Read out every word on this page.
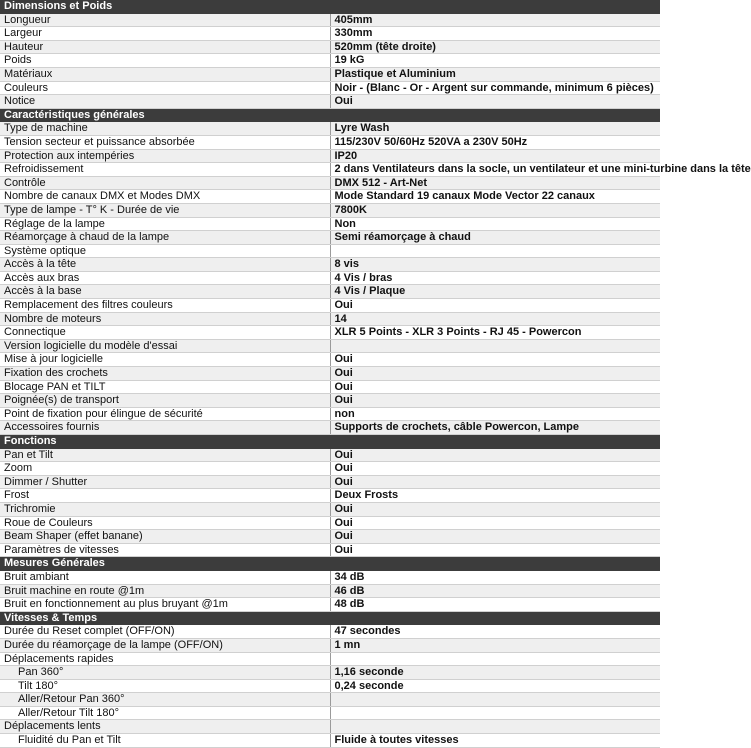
Dimensions et Poids	
Longueur	405mm
Largeur	330mm
Hauteur	520mm (tête droite)
Poids	19 kG
Matériaux	Plastique et Aluminium
Couleurs	Noir - (Blanc - Or - Argent sur commande, minimum 6 pièces)
Notice	Oui
Caractéristiques générales	
Type de machine	Lyre Wash
Tension secteur et puissance absorbée	115/230V 50/60Hz 520VA a 230V 50Hz
Protection aux intempéries	IP20
Refroidissement	2 dans Ventilateurs dans la socle, un ventilateur et une mini-turbine dans la tête
Contrôle	DMX 512 - Art-Net
Nombre de canaux DMX et Modes DMX	Mode Standard 19 canaux Mode Vector 22 canaux
Type de lampe - T° K - Durée de vie	7800K
Réglage de la lampe	Non
Réamorçage à chaud de la lampe	Semi réamorçage à chaud
Système optique	
Accès à la tête	8 vis
Accès aux bras	4 Vis / bras
Accès à la base	4 Vis / Plaque
Remplacement des filtres couleurs	Oui
Nombre de moteurs	14
Connectique	XLR 5 Points - XLR 3 Points - RJ 45 - Powercon
Version logicielle du modèle d'essai	
Mise à jour logicielle	Oui
Fixation des crochets	Oui
Blocage PAN et TILT	Oui
Poignée(s) de transport	Oui
Point de fixation pour élingue de sécurité	non
Accessoires fournis	Supports de crochets, câble Powercon, Lampe
Fonctions	
Pan et Tilt	Oui
Zoom	Oui
Dimmer / Shutter	Oui
Frost	Deux Frosts
Trichromie	Oui
Roue de Couleurs	Oui
Beam Shaper (effet banane)	Oui
Paramètres de vitesses	Oui
Mesures Générales	
Bruit ambiant	34 dB
Bruit machine en route @1m	46 dB
Bruit en fonctionnement au plus bruyant @1m	48 dB
Vitesses & Temps	
Durée du Reset complet (OFF/ON)	47 secondes
Durée du réamorçage de la lampe (OFF/ON)	1 mn
Déplacements rapides	
Pan 360°	1,16 seconde
Tilt 180°	0,24 seconde
Aller/Retour Pan 360°	
Aller/Retour Tilt 180°	
Déplacements lents	
Fluidité du Pan et Tilt	Fluide à toutes vitesses
